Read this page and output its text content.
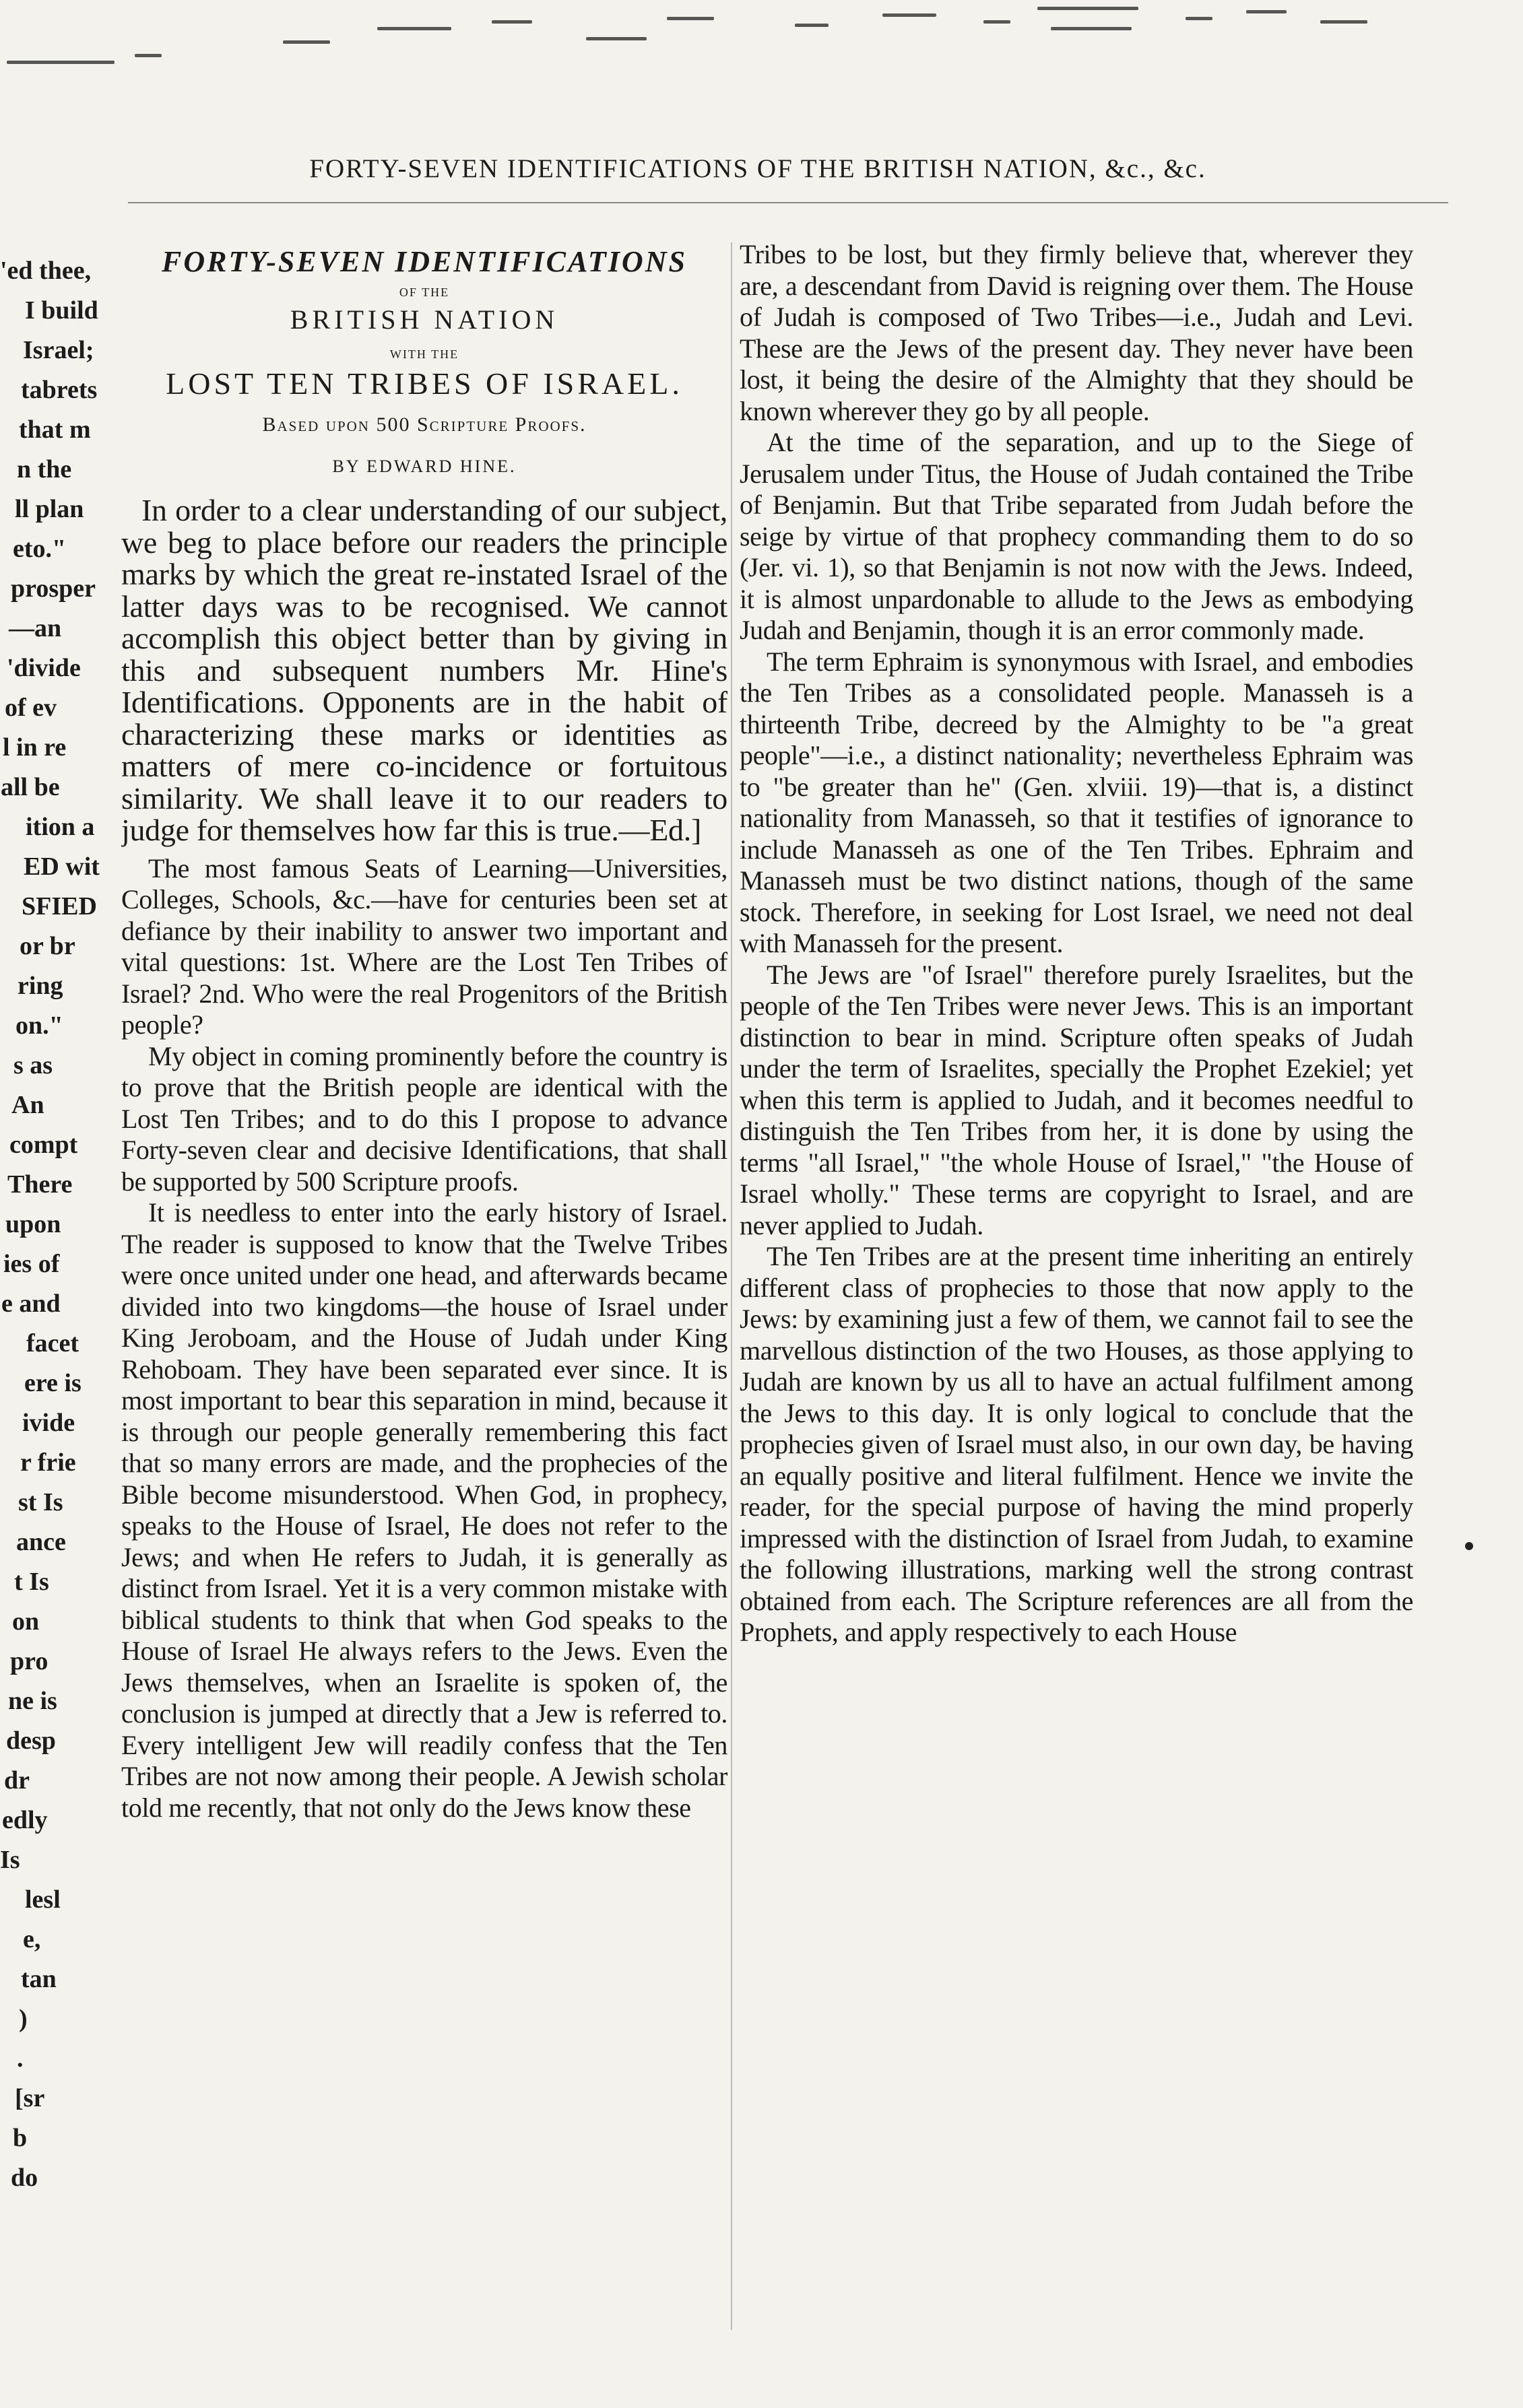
FORTY-SEVEN IDENTIFICATIONS OF THE BRITISH NATION, &c., &c.
'ed thee,
I build
Israel;
tabrets
that m
n the
ll plan
eto."
prosper
—an
'divide
of ev
l in re
all be
ition a
ED wit
SFIED
or br
ring
on."
s as
An
compt
There
upon
ies of
e and
facet
ere is
ivide
r frie
st Is
ance
t Is
on
pro
ne is
desp
dr
edly
Is
lesl
e,
tan
)
.
[sr
b
do
FORTY-SEVEN IDENTIFICATIONS
OF THE
BRITISH NATION
WITH THE
LOST TEN TRIBES OF ISRAEL.
Based upon 500 Scripture Proofs.
BY EDWARD HINE.

In order to a clear understanding of our subject, we beg to place before our readers the principle marks by which the great re-instated Israel of the latter days was to be recognised. We cannot accomplish this object better than by giving in this and subsequent numbers Mr. Hine's Identifications. Opponents are in the habit of characterizing these marks or identities as matters of mere co-incidence or fortuitous similarity. We shall leave it to our readers to judge for themselves how far this is true.—Ed.]

The most famous Seats of Learning—Universities, Colleges, Schools, &c.—have for centuries been set at defiance by their inability to answer two important and vital questions: 1st. Where are the Lost Ten Tribes of Israel? 2nd. Who were the real Progenitors of the British people?

My object in coming prominently before the country is to prove that the British people are identical with the Lost Ten Tribes; and to do this I propose to advance Forty-seven clear and decisive Identifications, that shall be supported by 500 Scripture proofs.

It is needless to enter into the early history of Israel. The reader is supposed to know that the Twelve Tribes were once united under one head, and afterwards became divided into two kingdoms—the house of Israel under King Jeroboam, and the House of Judah under King Rehoboam. They have been separated ever since. It is most important to bear this separation in mind, because it is through our people generally remembering this fact that so many errors are made, and the prophecies of the Bible become misunderstood. When God, in prophecy, speaks to the House of Israel, He does not refer to the Jews; and when He refers to Judah, it is generally as distinct from Israel. Yet it is a very common mistake with biblical students to think that when God speaks to the House of Israel He always refers to the Jews. Even the Jews themselves, when an Israelite is spoken of, the conclusion is jumped at directly that a Jew is referred to. Every intelligent Jew will readily confess that the Ten Tribes are not now among their people. A Jewish scholar told me recently, that not only do the Jews know these

Tribes to be lost, but they firmly believe that, wherever they are, a descendant from David is reigning over them. The House of Judah is composed of Two Tribes—i.e., Judah and Levi. These are the Jews of the present day. They never have been lost, it being the desire of the Almighty that they should be known wherever they go by all people.

At the time of the separation, and up to the Siege of Jerusalem under Titus, the House of Judah contained the Tribe of Benjamin. But that Tribe separated from Judah before the seige by virtue of that prophecy commanding them to do so (Jer. vi. 1), so that Benjamin is not now with the Jews. Indeed, it is almost unpardonable to allude to the Jews as embodying Judah and Benjamin, though it is an error commonly made.

The term Ephraim is synonymous with Israel, and embodies the Ten Tribes as a consolidated people. Manasseh is a thirteenth Tribe, decreed by the Almighty to be "a great people"—i.e., a distinct nationality; nevertheless Ephraim was to "be greater than he" (Gen. xlviii. 19)—that is, a distinct nationality from Manasseh, so that it testifies of ignorance to include Manasseh as one of the Ten Tribes. Ephraim and Manasseh must be two distinct nations, though of the same stock. Therefore, in seeking for Lost Israel, we need not deal with Manasseh for the present.

The Jews are "of Israel" therefore purely Israelites, but the people of the Ten Tribes were never Jews. This is an important distinction to bear in mind. Scripture often speaks of Judah under the term of Israelites, specially the Prophet Ezekiel; yet when this term is applied to Judah, and it becomes needful to distinguish the Ten Tribes from her, it is done by using the terms "all Israel," "the whole House of Israel," "the House of Israel wholly." These terms are copyright to Israel, and are never applied to Judah.

The Ten Tribes are at the present time inheriting an entirely different class of prophecies to those that now apply to the Jews: by examining just a few of them, we cannot fail to see the marvellous distinction of the two Houses, as those applying to Judah are known by us all to have an actual fulfilment among the Jews to this day. It is only logical to conclude that the prophecies given of Israel must also, in our own day, be having an equally positive and literal fulfilment. Hence we invite the reader, for the special purpose of having the mind properly impressed with the distinction of Israel from Judah, to examine the following illustrations, marking well the strong contrast obtained from each. The Scripture references are all from the Prophets, and apply respectively to each House
